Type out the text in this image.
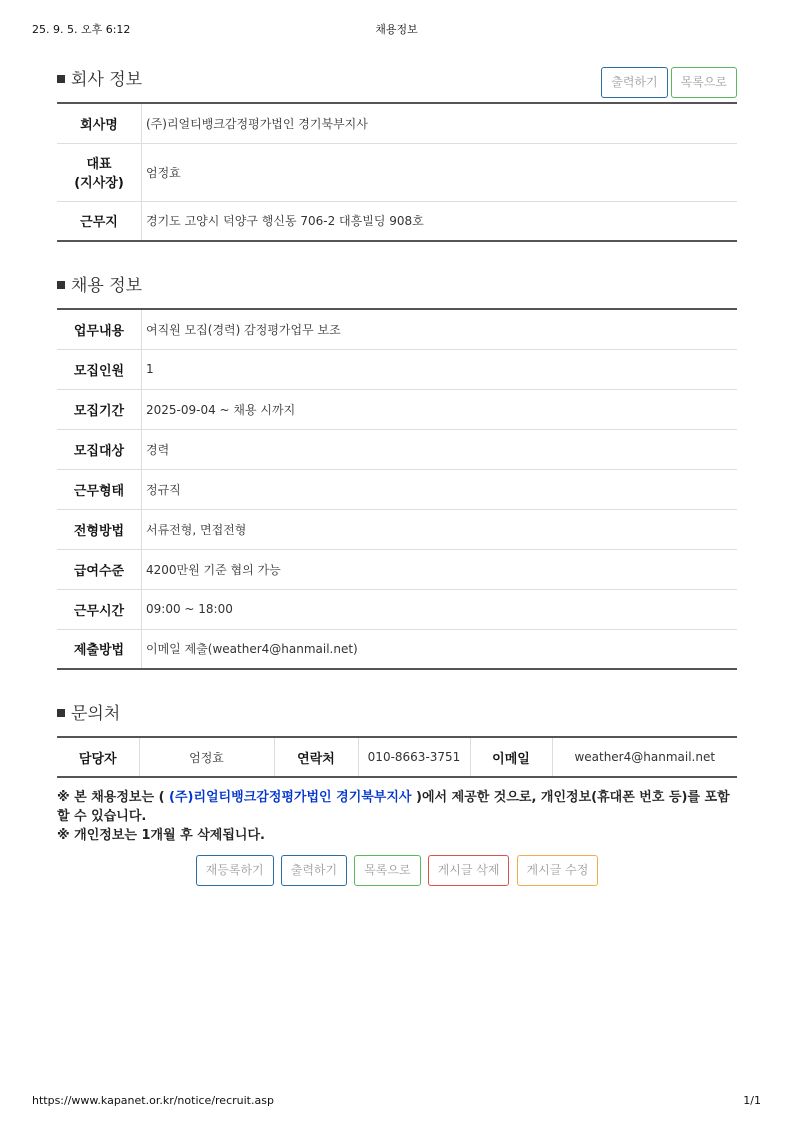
25. 9. 5. 오후 6:12	채용정보
회사 정보	출력하기 목록으로
회사명	(주)리얼티뱅크감정평가법인 경기북부지사
대표
(지사장)	엄정효
근무지	경기도 고양시 덕양구 행신동 706-2 대흥빌딩 908호
채용 정보
업무내용	여직원 모집(경력) 감정평가업무 보조
모집인원	1
모집기간	2025-09-04 ~ 채용 시까지
모집대상	경력
근무형태	정규직
전형방법	서류전형, 면접전형
급여수준	4200만원 기준 협의 가능
근무시간	09:00 ~ 18:00
제출방법	이메일 제출(weather4@hanmail.net)
문의처
담당자	엄정효	연락처	010-8663-3751	이메일	weather4@hanmail.net
※ 본 채용정보는 ( (주)리얼티뱅크감정평가법인 경기북부지사 )에서 제공한 것으로, 개인정보(휴대폰 번호 등)를 포함할 수 있습니다.
※ 개인정보는 1개월 후 삭제됩니다.
재등록하기 출력하기 목록으로 게시글 삭제 게시글 수정
https://www.kapanet.or.kr/notice/recruit.asp	1/1
